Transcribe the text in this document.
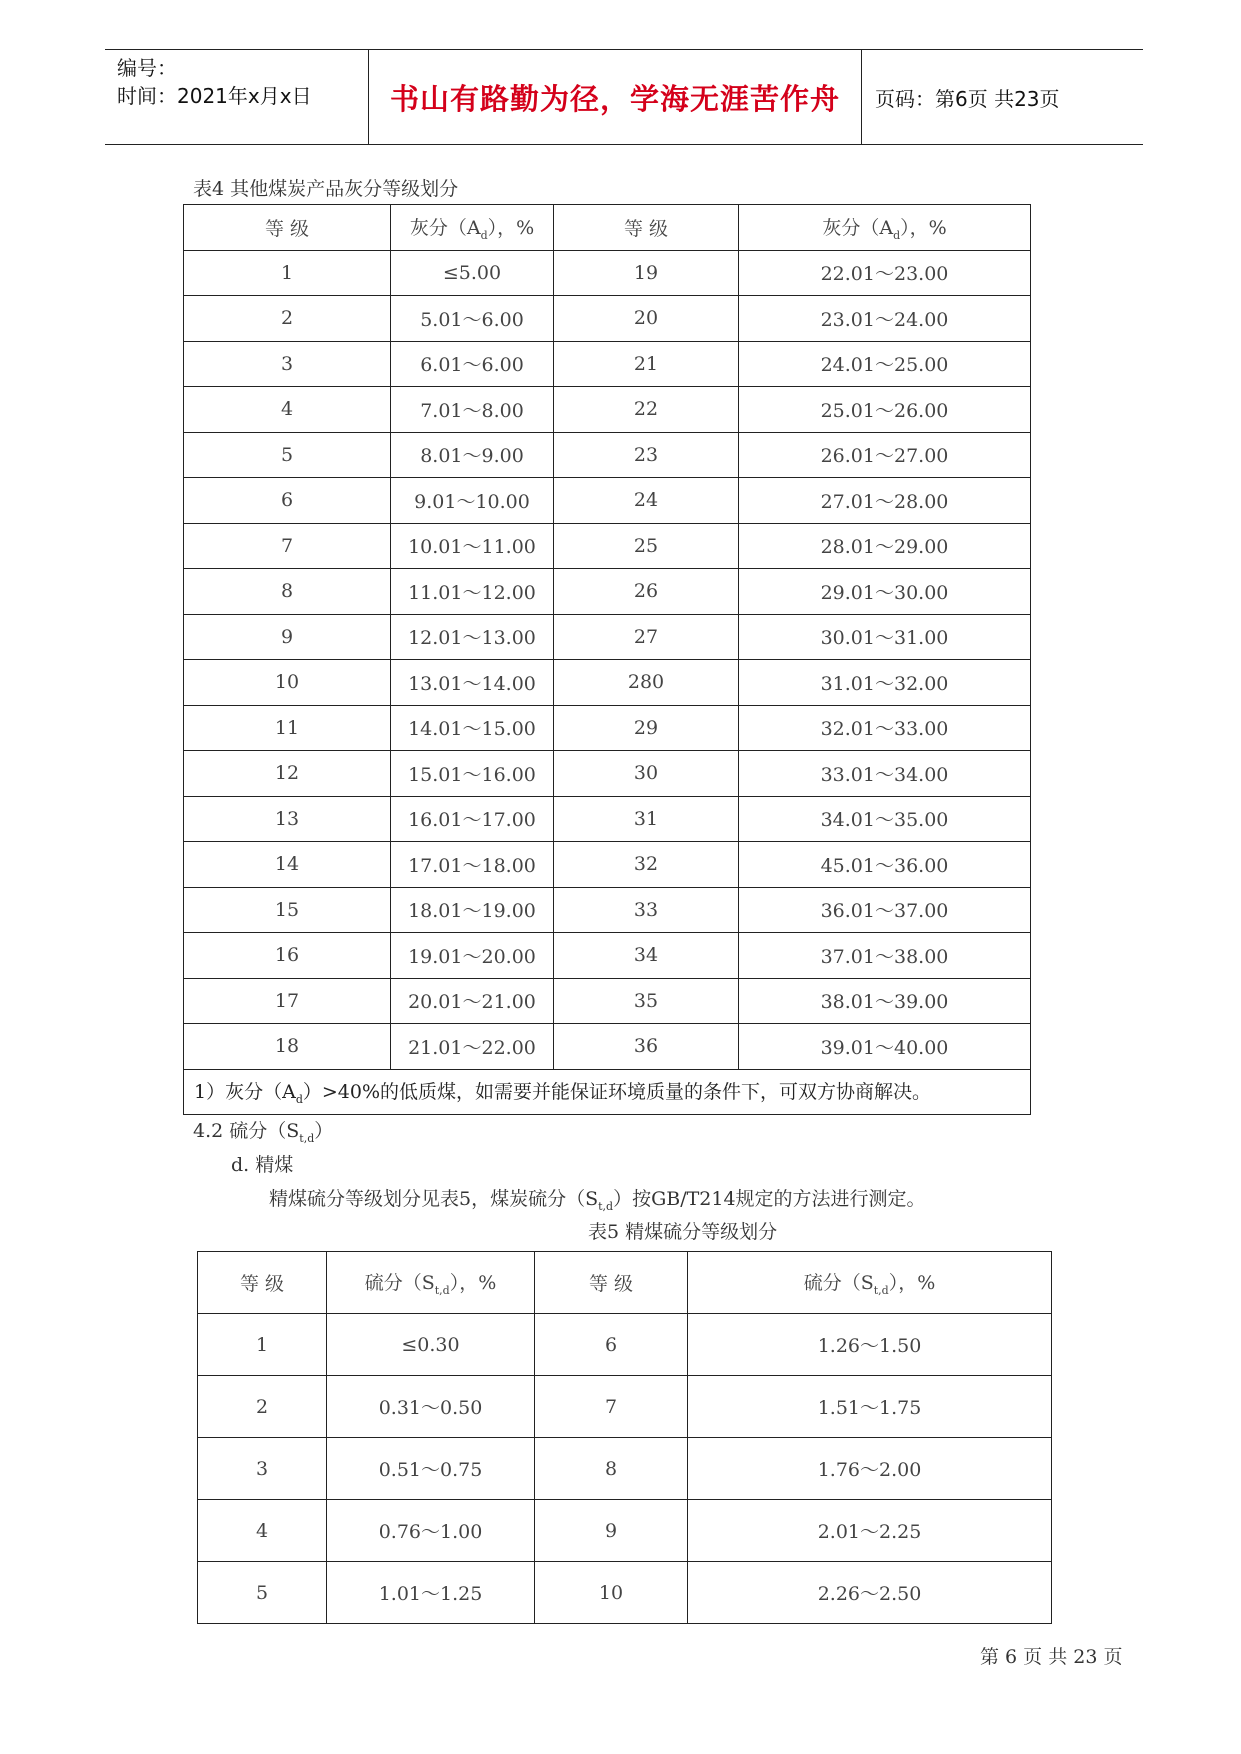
编号：
时间：2021年x月x日	书山有路勤为径，学海无涯苦作舟	页码：第6页 共23页
表4 其他煤炭产品灰分等级划分
等 级	灰分$(A_d)$，%	等 级	灰分$(A_d)$，%
1	≤5.00	19	22.01～23.00
2	5.01～6.00	20	23.01～24.00
3	6.01～6.00	21	24.01～25.00
4	7.01～8.00	22	25.01～26.00
5	8.01～9.00	23	26.01～27.00
6	9.01～10.00	24	27.01～28.00
7	10.01～11.00	25	28.01～29.00
8	11.01～12.00	26	29.01～30.00
9	12.01～13.00	27	30.01～31.00
10	13.01～14.00	280	31.01～32.00
11	14.01～15.00	29	32.01～33.00
12	15.01～16.00	30	33.01～34.00
13	16.01～17.00	31	34.01～35.00
14	17.01～18.00	32	45.01～36.00
15	18.01～19.00	33	36.01～37.00
16	19.01～20.00	34	37.01～38.00
17	20.01～21.00	35	38.01～39.00
18	21.01～22.00	36	39.01～40.00
1）灰分$(A_d)>40\%$的低质煤，如需要并能保证环境质量的条件下，可双方协商解决。			
4.2 硫分$(S_{t,d})$
d. 精煤
精煤硫分等级划分见表5，煤炭硫分$(S_{t,d})$按GB/T214规定的方法进行测定。
表5 精煤硫分等级划分
等 级	硫分$(S_{t,d})$，%	等 级	硫分$(S_{t,d})$，%
1	≤0.30	6	1.26～1.50
2	0.31～0.50	7	1.51～1.75
3	0.51～0.75	8	1.76～2.00
4	0.76～1.00	9	2.01～2.25
5	1.01～1.25	10	2.26～2.50
第 6 页 共 23 页
